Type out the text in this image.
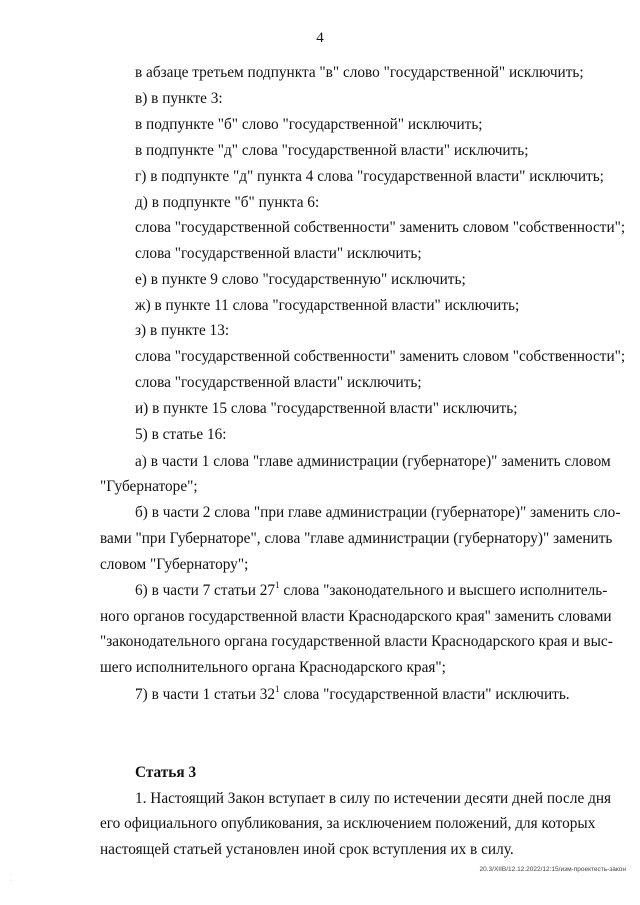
4
в абзаце третьем подпункта "в" слово "государственной" исключить;
в) в пункте 3:
в подпункте "б" слово "государственной" исключить;
в подпункте "д" слова "государственной власти" исключить;
г) в подпункте "д" пункта 4 слова "государственной власти" исключить;
д) в подпункте "б" пункта 6:
слова "государственной собственности" заменить словом "собственности";
слова "государственной власти" исключить;
е) в пункте 9 слово "государственную" исключить;
ж) в пункте 11 слова "государственной власти" исключить;
з) в пункте 13:
слова "государственной собственности" заменить словом "собственности";
слова "государственной власти" исключить;
и) в пункте 15 слова "государственной власти" исключить;
5) в статье 16:
а) в части 1 слова "главе администрации (губернаторе)" заменить словом
"Губернаторе";
б) в части 2 слова "при главе администрации (губернаторе)" заменить сло-
вами "при Губернаторе", слова "главе администрации (губернатору)" заменить
словом "Губернатору";
6) в части 7 статьи $27^1$ слова "законодательного и высшего исполнитель-
ного органов государственной власти Краснодарского края" заменить словами
"законодательного органа государственной власти Краснодарского края и выс-
шего исполнительного органа Краснодарского края";
7) в части 1 статьи $32^1$ слова "государственной власти" исключить.
Статья 3
1. Настоящий Закон вступает в силу по истечении десяти дней после дня
его официального опубликования, за исключением положений, для которых
настоящей статьей установлен иной срок вступления их в силу.
20.3/XIIB/12.12.2022/12:15/изм-проектесть-закон
·
·
